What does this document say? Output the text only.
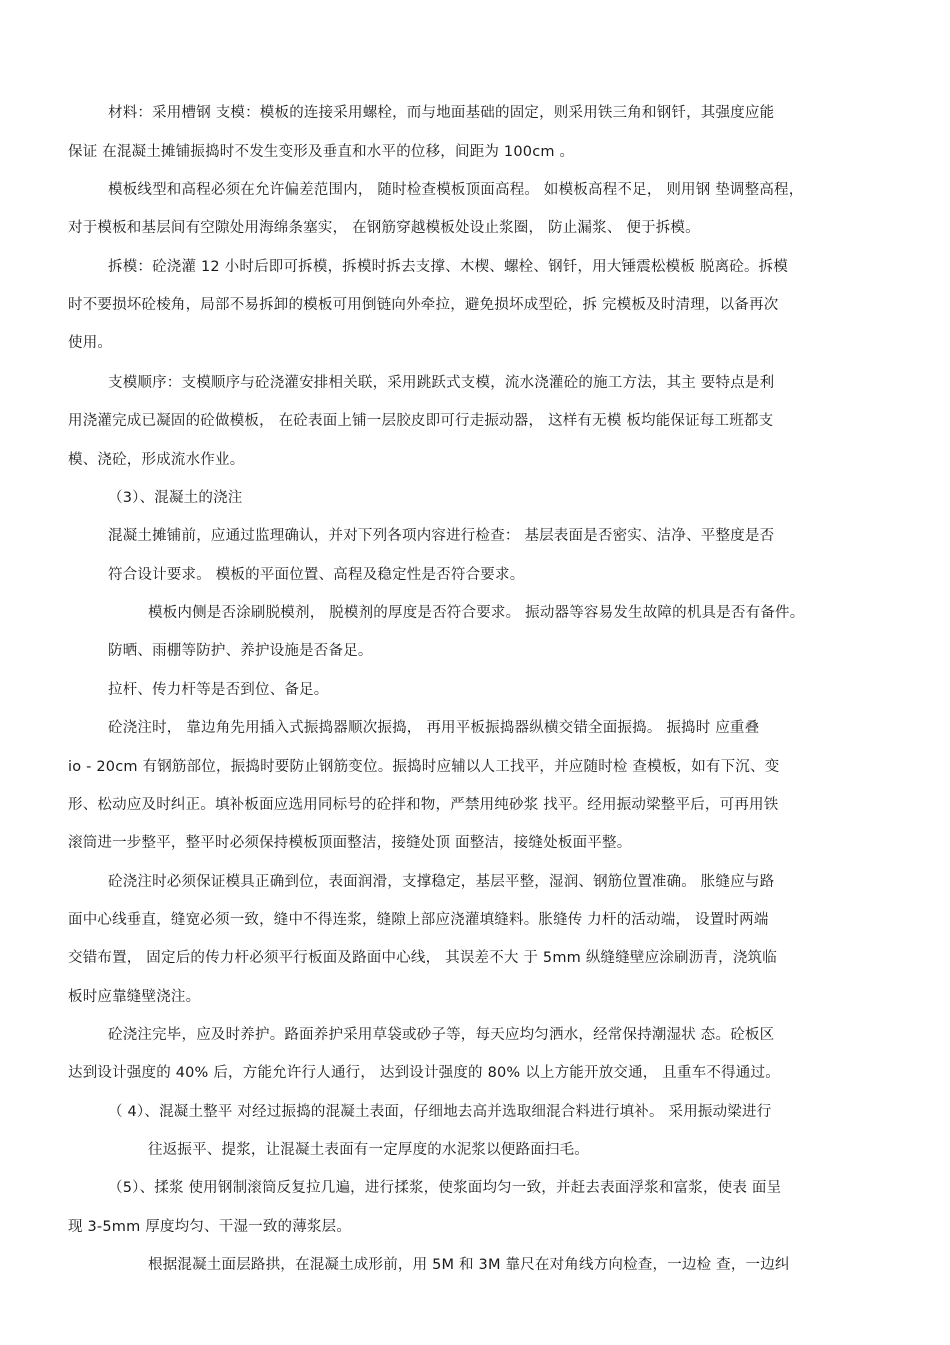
材料：采用槽钢 支模：模板的连接采用螺栓，而与地面基础的固定，则采用铁三角和钢钎，其强度应能

保证 在混凝土摊铺振捣时不发生变形及垂直和水平的位移，间距为 100cm 。

模板线型和高程必须在允许偏差范围内， 随时检查模板顶面高程。 如模板高程不足， 则用钢 垫调整高程，

对于模板和基层间有空隙处用海绵条塞实， 在钢筋穿越模板处设止浆圈， 防止漏浆、 便于拆模。

拆模：砼浇灌 12 小时后即可拆模，拆模时拆去支撑、木楔、螺栓、钢钎，用大锤震松模板 脱离砼。拆模

时不要损坏砼棱角，局部不易拆卸的模板可用倒链向外牵拉，避免损坏成型砼，拆 完模板及时清理，以备再次

使用。

支模顺序：支模顺序与砼浇灌安排相关联，采用跳跃式支模，流水浇灌砼的施工方法，其主 要特点是利

用浇灌完成已凝固的砼做模板， 在砼表面上铺一层胶皮即可行走振动器， 这样有无模 板均能保证每工班都支

模、浇砼，形成流水作业。

（3）、混凝土的浇注

混凝土摊铺前，应通过监理确认，并对下列各项内容进行检查： 基层表面是否密实、洁净、平整度是否

符合设计要求。 模板的平面位置、高程及稳定性是否符合要求。

模板内侧是否涂刷脱模剂， 脱模剂的厚度是否符合要求。 振动器等容易发生故障的机具是否有备件。

防晒、雨棚等防护、养护设施是否备足。

拉杆、传力杆等是否到位、备足。

砼浇注时， 靠边角先用插入式振捣器顺次振捣， 再用平板振捣器纵横交错全面振捣。 振捣时 应重叠

io - 20cm 有钢筋部位，振捣时要防止钢筋变位。振捣时应辅以人工找平，并应随时检 查模板，如有下沉、变

形、松动应及时纠正。填补板面应选用同标号的砼拌和物，严禁用纯砂浆 找平。经用振动梁整平后，可再用铁

滚筒进一步整平，整平时必须保持模板顶面整洁，接缝处顶 面整洁，接缝处板面平整。

砼浇注时必须保证模具正确到位，表面润滑，支撑稳定，基层平整，湿润、钢筋位置准确。 胀缝应与路

面中心线垂直，缝宽必须一致，缝中不得连浆，缝隙上部应浇灌填缝料。胀缝传 力杆的活动端， 设置时两端

交错布置， 固定后的传力杆必须平行板面及路面中心线， 其误差不大 于 5mm 纵缝缝壁应涂刷沥青，浇筑临

板时应靠缝壁浇注。

砼浇注完毕，应及时养护。路面养护采用草袋或砂子等，每天应均匀洒水，经常保持潮湿状 态。砼板区

达到设计强度的 40% 后，方能允许行人通行， 达到设计强度的 80% 以上方能开放交通， 且重车不得通过。

（ 4）、混凝土整平 对经过振捣的混凝土表面，仔细地去高并选取细混合料进行填补。 采用振动梁进行

往返振平、提浆，让混凝土表面有一定厚度的水泥浆以便路面扫毛。

（5）、揉浆 使用钢制滚筒反复拉几遍，进行揉浆，使浆面均匀一致，并赶去表面浮浆和富浆，使表 面呈

现 3-5mm 厚度均匀、干湿一致的薄浆层。

根据混凝土面层路拱，在混凝土成形前，用 5M 和 3M 靠尺在对角线方向检查，一边检 查，一边纠
